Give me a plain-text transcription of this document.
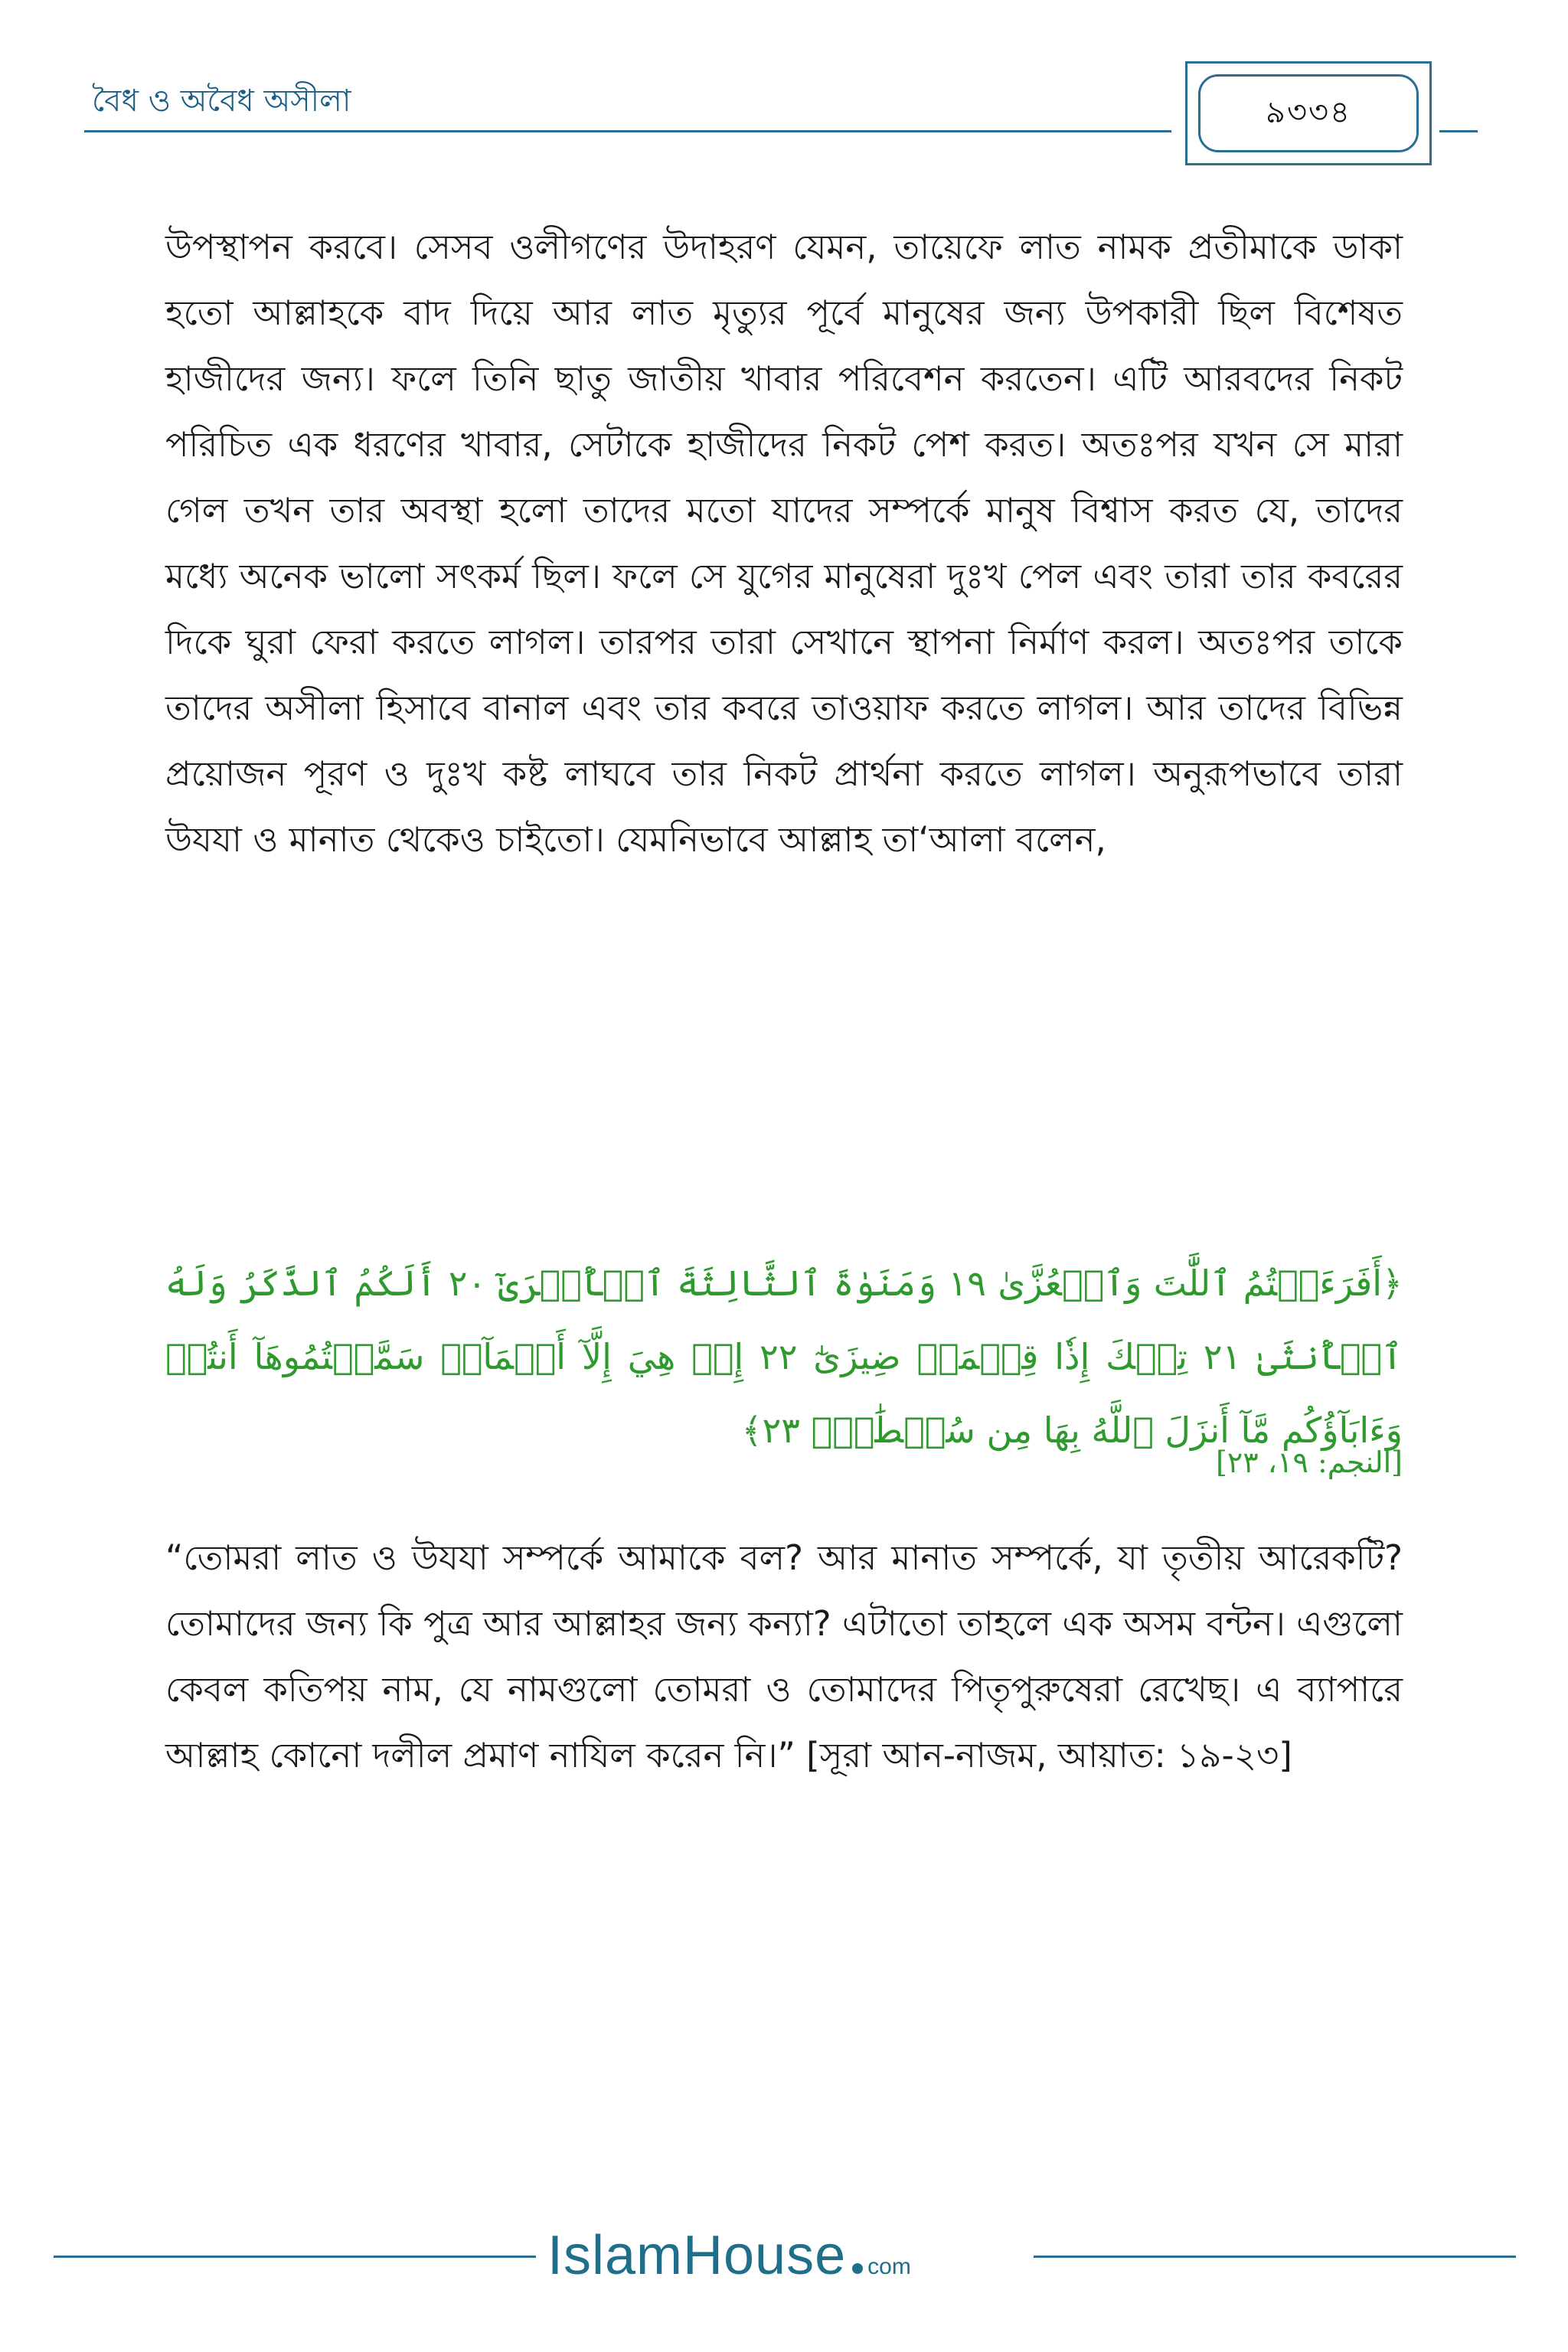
বৈধ ও অবৈধ অসীলা	৯৩৩৪
উপস্থাপন করবে। সেসব ওলীগণের উদাহরণ যেমন, তায়েফে লাত নামক প্রতীমাকে ডাকা হতো আল্লাহকে বাদ দিয়ে আর লাত মৃত্যুর পূর্বে মানুষের জন্য উপকারী ছিল বিশেষত হাজীদের জন্য। ফলে তিনি ছাতু জাতীয় খাবার পরিবেশন করতেন। এটি আরবদের নিকট পরিচিত এক ধরণের খাবার, সেটাকে হাজীদের নিকট পেশ করত। অতঃপর যখন সে মারা গেল তখন তার অবস্থা হলো তাদের মতো যাদের সম্পর্কে মানুষ বিশ্বাস করত যে, তাদের মধ্যে অনেক ভালো সৎকর্ম ছিল। ফলে সে যুগের মানুষেরা দুঃখ পেল এবং তারা তার কবরের দিকে ঘুরা ফেরা করতে লাগল। তারপর তারা সেখানে স্থাপনা নির্মাণ করল। অতঃপর তাকে তাদের অসীলা হিসাবে বানাল এবং তার কবরে তাওয়াফ করতে লাগল। আর তাদের বিভিন্ন প্রয়োজন পূরণ ও দুঃখ কষ্ট লাঘবে তার নিকট প্রার্থনা করতে লাগল। অনুরূপভাবে তারা উযযা ও মানাত থেকেও চাইতো। যেমনিভাবে আল্লাহ তা‘আলা বলেন,
﴿أَفَرَءَيۡتُمُ ٱللَّٰتَ وَٱلۡعُزَّىٰ ١٩ وَمَنَوٰةَ ٱلثَّالِثَةَ ٱلۡأُخۡرَىٰٓ ٢٠ أَلَكُمُ ٱلذَّكَرُ وَلَهُ ٱلۡأُنثَىٰ ٢١ تِلۡكَ إِذٗا قِسۡمَةٞ ضِيزَىٰٓ ٢٢ إِنۡ هِيَ إِلَّآ أَسۡمَآءٞ سَمَّيۡتُمُوهَآ أَنتُمۡ وَءَابَآؤُكُم مَّآ أَنزَلَ ٱللَّهُ بِهَا مِن سُلۡطَٰنٍۚ ٢٣﴾
[النجم: ١٩، ٢٣]
“তোমরা লাত ও উযযা সম্পর্কে আমাকে বল? আর মানাত সম্পর্কে, যা তৃতীয় আরেকটি? তোমাদের জন্য কি পুত্র আর আল্লাহর জন্য কন্যা? এটাতো তাহলে এক অসম বন্টন। এগুলো কেবল কতিপয় নাম, যে নামগুলো তোমরা ও তোমাদের পিতৃপুরুষেরা রেখেছ। এ ব্যাপারে আল্লাহ কোনো দলীল প্রমাণ নাযিল করেন নি।” [সূরা আন-নাজম, আয়াত: ১৯-২৩]
IslamHouse com
